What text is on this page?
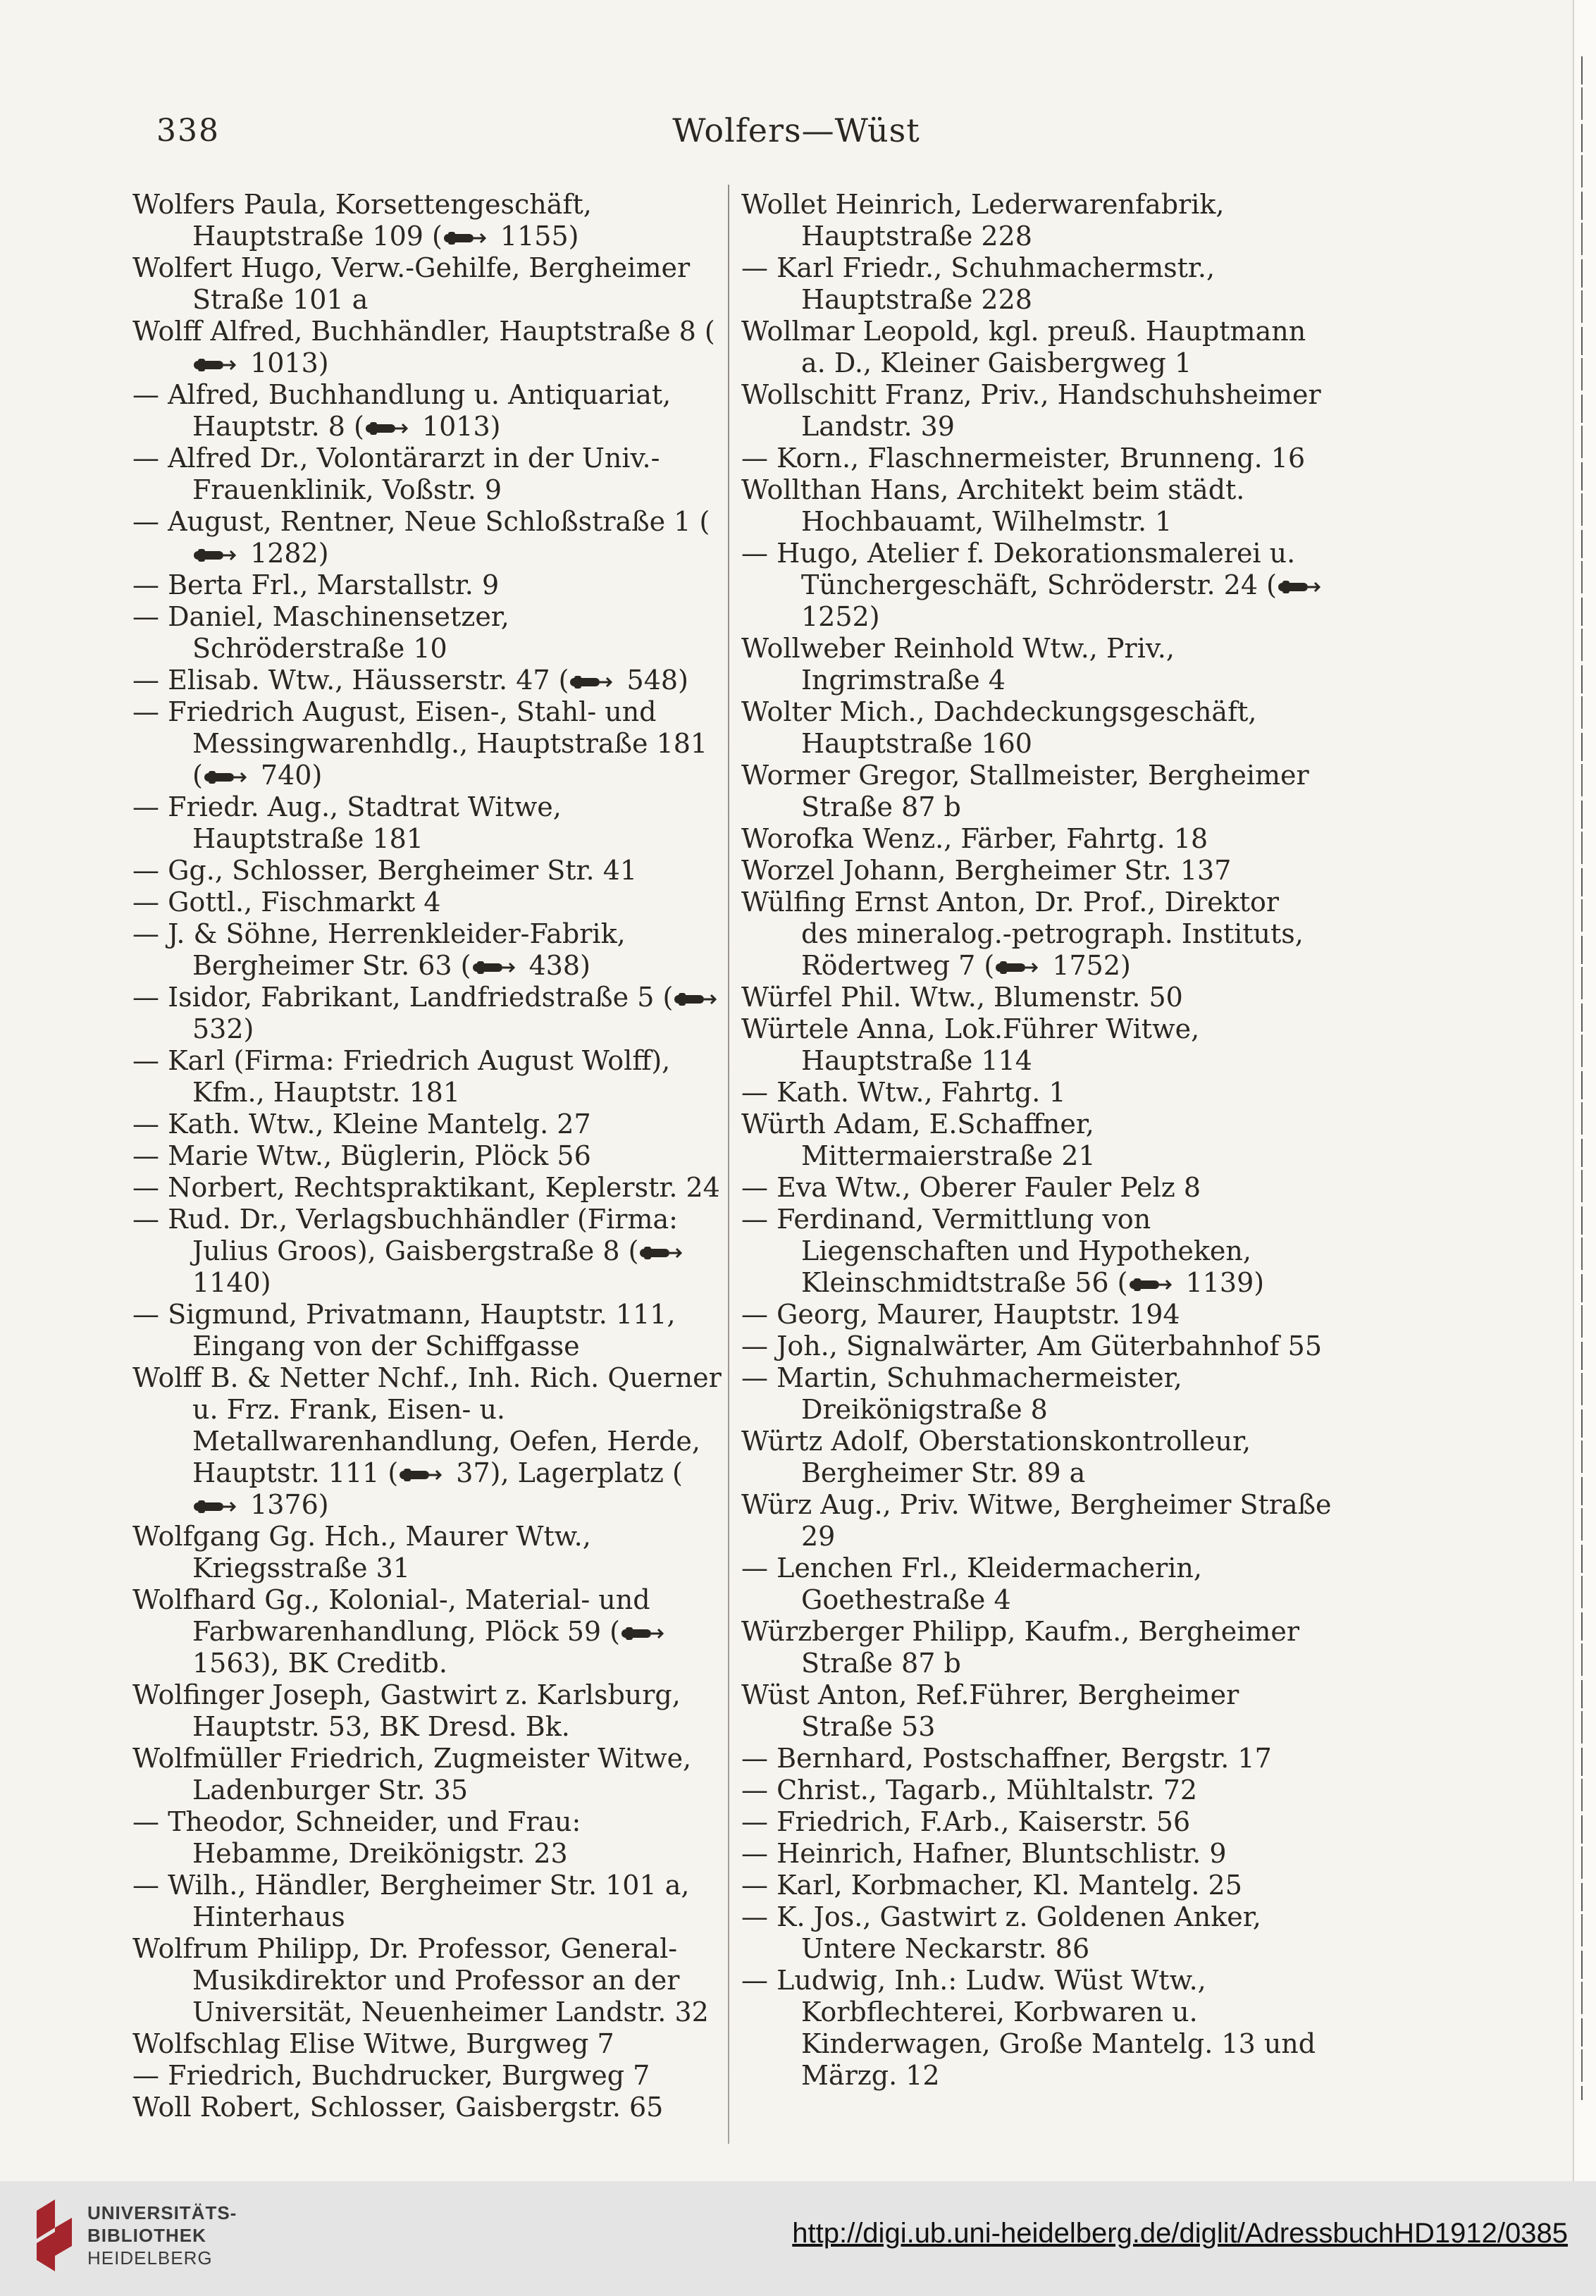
338	Wolfers—Wüst

Wolfers Paula, Korsettengeschäft, Hauptstraße 109 ( 1155)

Wolfert Hugo, Verw.-Gehilfe, Bergheimer Straße 101 a

Wolff Alfred, Buchhändler, Hauptstraße 8 ( 1013)

— Alfred, Buchhandlung u. Antiquariat, Hauptstr. 8 ( 1013)

— Alfred Dr., Volontärarzt in der Univ.-Frauenklinik, Voßstr. 9

— August, Rentner, Neue Schloßstraße 1 ( 1282)

— Berta Frl., Marstallstr. 9

— Daniel, Maschinensetzer, Schröderstraße 10

— Elisab. Wtw., Häusserstr. 47 ( 548)

— Friedrich August, Eisen-, Stahl- und Messingwarenhdlg., Hauptstraße 181 ( 740)

— Friedr. Aug., Stadtrat Witwe, Hauptstraße 181

— Gg., Schlosser, Bergheimer Str. 41

— Gottl., Fischmarkt 4

— J. & Söhne, Herrenkleider-Fabrik, Bergheimer Str. 63 ( 438)

— Isidor, Fabrikant, Landfriedstraße 5 ( 532)

— Karl (Firma: Friedrich August Wolff), Kfm., Hauptstr. 181

— Kath. Wtw., Kleine Mantelg. 27

— Marie Wtw., Büglerin, Plöck 56

— Norbert, Rechtspraktikant, Keplerstr. 24

— Rud. Dr., Verlagsbuchhändler (Firma: Julius Groos), Gaisbergstraße 8 ( 1140)

— Sigmund, Privatmann, Hauptstr. 111, Eingang von der Schiffgasse

Wolff B. & Netter Nchf., Inh. Rich. Querner u. Frz. Frank, Eisen- u. Metallwarenhandlung, Oefen, Herde, Hauptstr. 111 ( 37), Lagerplatz ( 1376)

Wolfgang Gg. Hch., Maurer Wtw., Kriegsstraße 31

Wolfhard Gg., Kolonial-, Material- und Farbwarenhandlung, Plöck 59 ( 1563), BK Creditb.

Wolfinger Joseph, Gastwirt z. Karlsburg, Hauptstr. 53, BK Dresd. Bk.

Wolfmüller Friedrich, Zugmeister Witwe, Ladenburger Str. 35

— Theodor, Schneider, und Frau: Hebamme, Dreikönigstr. 23

— Wilh., Händler, Bergheimer Str. 101 a, Hinterhaus

Wolfrum Philipp, Dr. Professor, General-Musikdirektor und Professor an der Universität, Neuenheimer Landstr. 32

Wolfschlag Elise Witwe, Burgweg 7

— Friedrich, Buchdrucker, Burgweg 7

Woll Robert, Schlosser, Gaisbergstr. 65

Wollet Heinrich, Lederwarenfabrik, Hauptstraße 228

— Karl Friedr., Schuhmachermstr., Hauptstraße 228

Wollmar Leopold, kgl. preuß. Hauptmann a. D., Kleiner Gaisbergweg 1

Wollschitt Franz, Priv., Handschuhsheimer Landstr. 39

— Korn., Flaschnermeister, Brunneng. 16

Wollthan Hans, Architekt beim städt. Hochbauamt, Wilhelmstr. 1

— Hugo, Atelier f. Dekorationsmalerei u. Tünchergeschäft, Schröderstr. 24 ( 1252)

Wollweber Reinhold Wtw., Priv., Ingrimstraße 4

Wolter Mich., Dachdeckungsgeschäft, Hauptstraße 160

Wormer Gregor, Stallmeister, Bergheimer Straße 87 b

Worofka Wenz., Färber, Fahrtg. 18

Worzel Johann, Bergheimer Str. 137

Wülfing Ernst Anton, Dr. Prof., Direktor des mineralog.-petrograph. Instituts, Rödertweg 7 ( 1752)

Würfel Phil. Wtw., Blumenstr. 50

Würtele Anna, Lok.Führer Witwe, Hauptstraße 114

— Kath. Wtw., Fahrtg. 1

Würth Adam, E.Schaffner, Mittermaierstraße 21

— Eva Wtw., Oberer Fauler Pelz 8

— Ferdinand, Vermittlung von Liegenschaften und Hypotheken, Kleinschmidtstraße 56 ( 1139)

— Georg, Maurer, Hauptstr. 194

— Joh., Signalwärter, Am Güterbahnhof 55

— Martin, Schuhmachermeister, Dreikönigstraße 8

Würtz Adolf, Oberstationskontrolleur, Bergheimer Str. 89 a

Würz Aug., Priv. Witwe, Bergheimer Straße 29

— Lenchen Frl., Kleidermacherin, Goethestraße 4

Würzberger Philipp, Kaufm., Bergheimer Straße 87 b

Wüst Anton, Ref.Führer, Bergheimer Straße 53

— Bernhard, Postschaffner, Bergstr. 17

— Christ., Tagarb., Mühltalstr. 72

— Friedrich, F.Arb., Kaiserstr. 56

— Heinrich, Hafner, Bluntschlistr. 9

— Karl, Korbmacher, Kl. Mantelg. 25

— K. Jos., Gastwirt z. Goldenen Anker, Untere Neckarstr. 86

— Ludwig, Inh.: Ludw. Wüst Wtw., Korbflechterei, Korbwaren u. Kinderwagen, Große Mantelg. 13 und Märzg. 12

UNIVERSITÄTS-
BIBLIOTHEK
HEIDELBERG
http://digi.ub.uni-heidelberg.de/diglit/AdressbuchHD1912/0385
